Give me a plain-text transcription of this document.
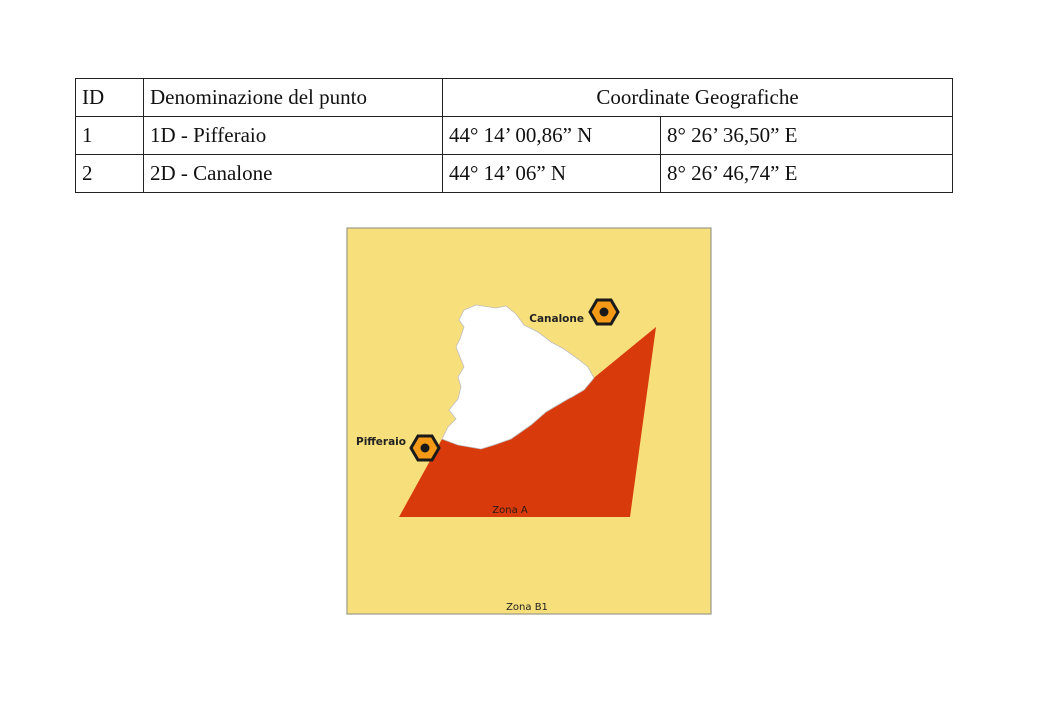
ID	Denominazione del punto	Coordinate Geografiche	
1	1D - Pifferaio	44° 14’ 00,86” N	8° 26’ 36,50” E
2	2D - Canalone	44° 14’ 06” N	8° 26’ 46,74” E
Canalone
Pifferaio
Zona A
Zona B1
